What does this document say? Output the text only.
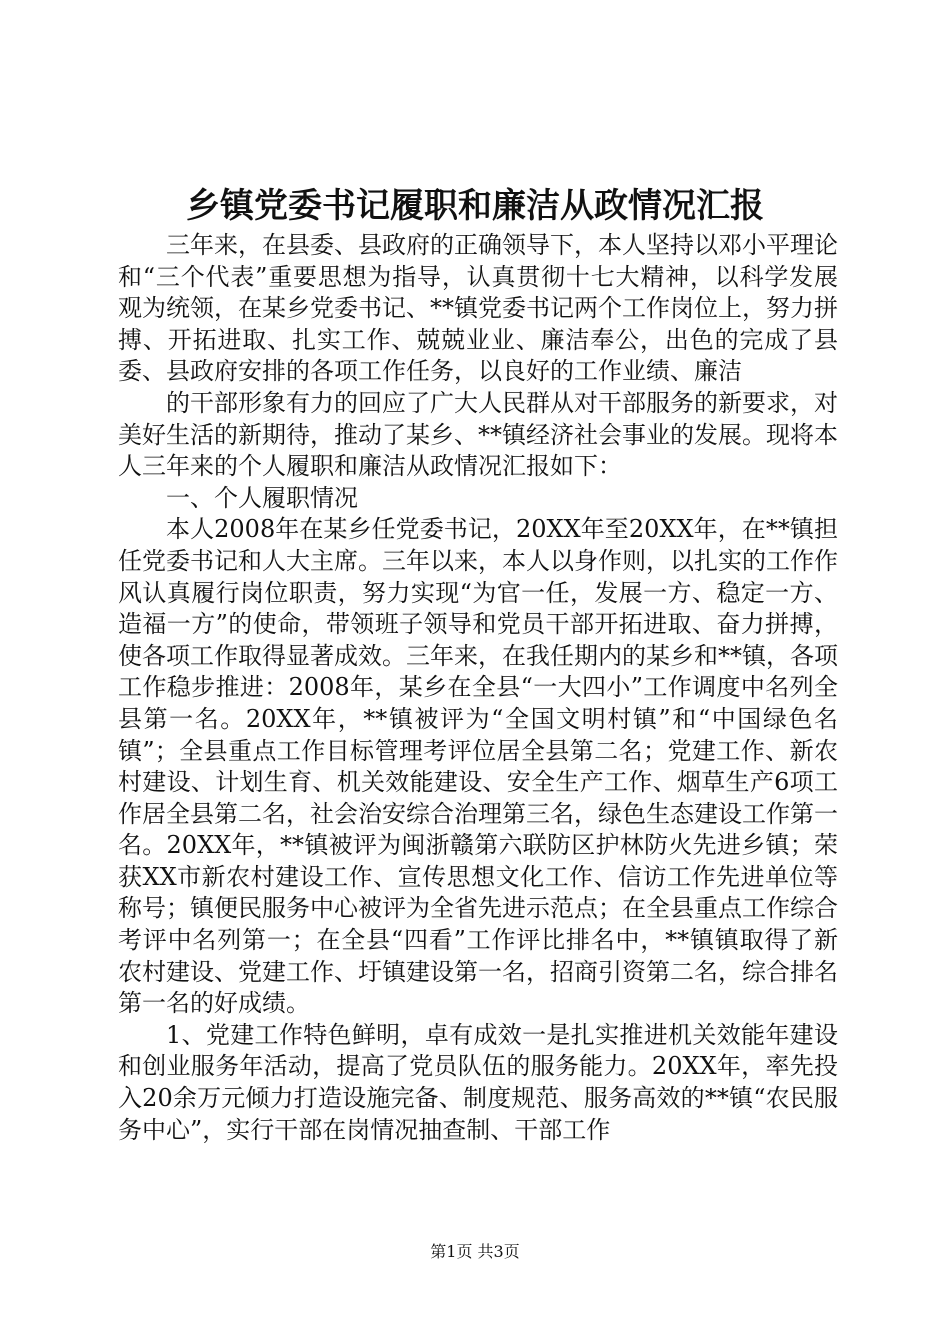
乡镇党委书记履职和廉洁从政情况汇报

三年来，在县委、县政府的正确领导下，本人坚持以邓小平理论和“三个代表”重要思想为指导，认真贯彻十七大精神，以科学发展观为统领，在某乡党委书记、**镇党委书记两个工作岗位上，努力拼搏、开拓进取、扎实工作、兢兢业业、廉洁奉公，出色的完成了县委、县政府安排的各项工作任务，以良好的工作业绩、廉洁

的干部形象有力的回应了广大人民群从对干部服务的新要求，对美好生活的新期待，推动了某乡、**镇经济社会事业的发展。现将本人三年来的个人履职和廉洁从政情况汇报如下：

一、个人履职情况

本人2008年在某乡任党委书记，20XX年至20XX年，在**镇担任党委书记和人大主席。三年以来，本人以身作则，以扎实的工作作风认真履行岗位职责，努力实现“为官一任，发展一方、稳定一方、造福一方”的使命，带领班子领导和党员干部开拓进取、奋力拼搏，使各项工作取得显著成效。三年来，在我任期内的某乡和**镇，各项工作稳步推进：2008年，某乡在全县“一大四小”工作调度中名列全县第一名。20XX年，**镇被评为“全国文明村镇”和“中国绿色名镇”；全县重点工作目标管理考评位居全县第二名；党建工作、新农村建设、计划生育、机关效能建设、安全生产工作、烟草生产6项工作居全县第二名，社会治安综合治理第三名，绿色生态建设工作第一名。20XX年，**镇被评为闽浙赣第六联防区护林防火先进乡镇；荣获XX市新农村建设工作、宣传思想文化工作、信访工作先进单位等称号；镇便民服务中心被评为全省先进示范点；在全县重点工作综合考评中名列第一；在全县“四看”工作评比排名中，**镇镇取得了新农村建设、党建工作、圩镇建设第一名，招商引资第二名，综合排名第一名的好成绩。

1、党建工作特色鲜明，卓有成效一是扎实推进机关效能年建设和创业服务年活动，提高了党员队伍的服务能力。20XX年，率先投入20余万元倾力打造设施完备、制度规范、服务高效的**镇“农民服务中心”，实行干部在岗情况抽查制、干部工作

第1页 共3页
